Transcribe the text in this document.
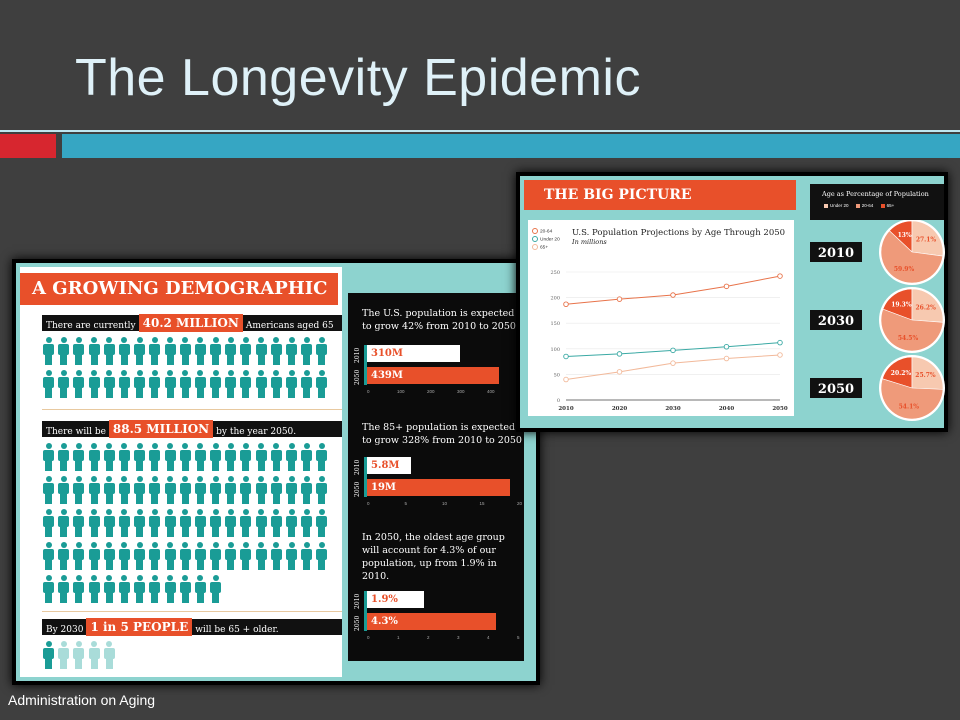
The Longevity Epidemic
A GROWING DEMOGRAPHIC
There are currently 40.2 MILLION Americans aged 65 older.
There will be 88.5 MILLION by the year 2050.
By 2030 1 in 5 PEOPLE will be 65 + older.
The U.S. population is expected to grow 42% from 2010 to 2050
2010	310M
2050	439M
0	100	200	300	400
The 85+ population is expected to grow 328% from 2010 to 2050
2010	5.8M
2050	19M
0	5	10	15	20
In 2050, the oldest age group will account for 4.3% of our population, up from 1.9% in 2010.
2010	1.9%
2050	4.3%
0	1	2	3	4	5
THE BIG PICTURE
20-64
Under 20
65+
U.S. Population Projections by Age Through 2050
In millions
0
50
100
150
200
250
2010	2020	2030	2040	2050
Age as Percentage of Population
Under 20	20-64	65+
2010
13%
27.1%
59.9%
2030
19.3% 26.2%
54.5%
2050
20.2% 25.7%
54.1%
Administration on Aging
